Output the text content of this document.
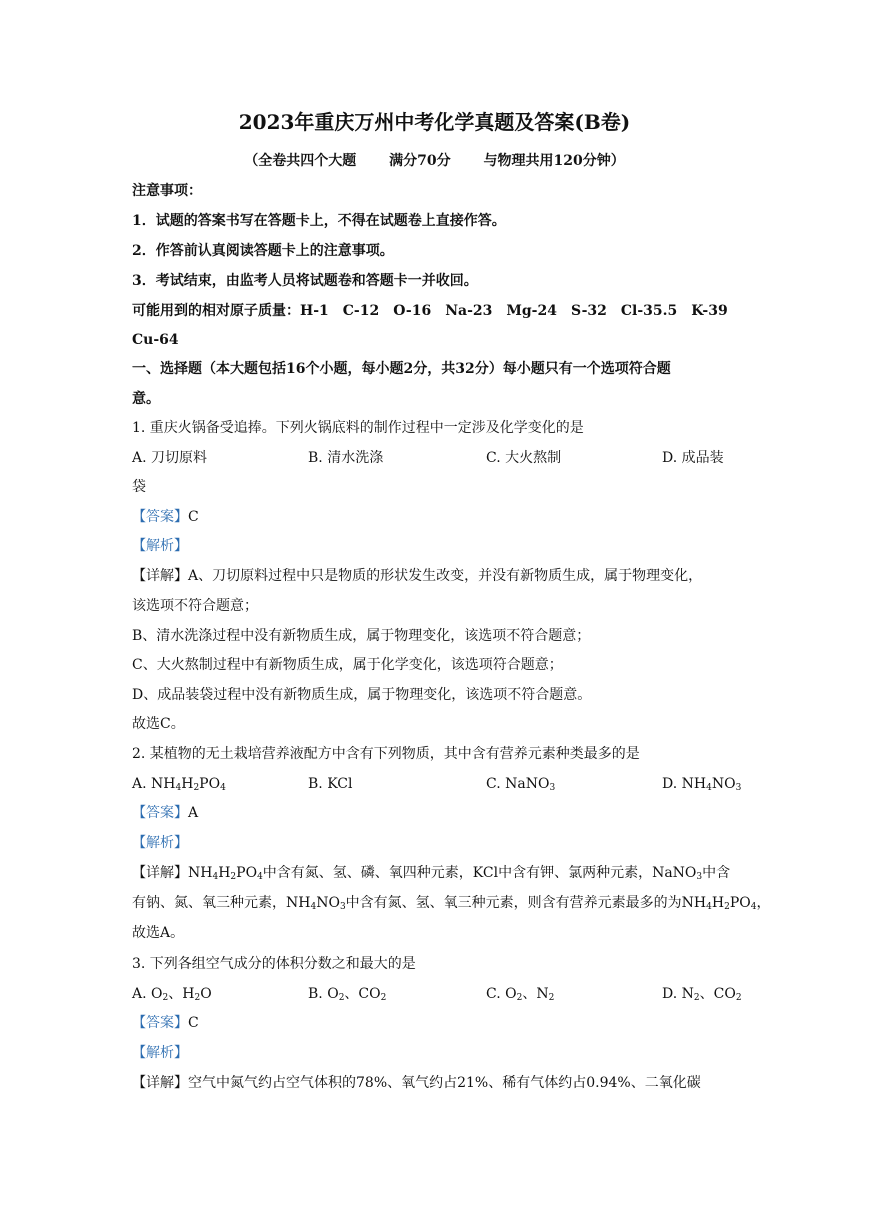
2023年重庆万州中考化学真题及答案(B卷)
（全卷共四个大题 满分70分 与物理共用120分钟）
注意事项：
1．试题的答案书写在答题卡上，不得在试题卷上直接作答。
2．作答前认真阅读答题卡上的注意事项。
3．考试结束，由监考人员将试题卷和答题卡一并收回。
可能用到的相对原子质量：H-1　C-12　O-16　Na-23　Mg-24　S-32　Cl-35.5　K-39
Cu-64
一、选择题（本大题包括16个小题，每小题2分，共32分）每小题只有一个选项符合题
意。
1. 重庆火锅备受追捧。下列火锅底料的制作过程中一定涉及化学变化的是
A. 刀切原料	B. 清水洗涤	C. 大火熬制	D. 成品装
袋
【答案】C
【解析】
【详解】A、刀切原料过程中只是物质的形状发生改变，并没有新物质生成，属于物理变化，
该选项不符合题意；
B、清水洗涤过程中没有新物质生成，属于物理变化，该选项不符合题意；
C、大火熬制过程中有新物质生成，属于化学变化，该选项符合题意；
D、成品装袋过程中没有新物质生成，属于物理变化，该选项不符合题意。
故选C。
2. 某植物的无土栽培营养液配方中含有下列物质，其中含有营养元素种类最多的是
A. $NH_4H_2PO_4$	B. KCl	C. NaNO$_3$	D. $NH_4NO_3$
【答案】A
【解析】
【详解】$NH_4H_2PO_4$中含有氮、氢、磷、氧四种元素，KCl中含有钾、氯两种元素，NaNO$_3$中含
有钠、氮、氧三种元素，$NH_4NO_3$中含有氮、氢、氧三种元素，则含有营养元素最多的为$NH_4H_2PO_4$，
故选A。
3. 下列各组空气成分的体积分数之和最大的是
A. $O_2$、$H_2O$	B. $O_2$、$CO_2$	C. $O_2$、$N_2$	D. $N_2$、$CO_2$
【答案】C
【解析】
【详解】空气中氮气约占空气体积的78%、氧气约占21%、稀有气体约占0.94%、二氧化碳
